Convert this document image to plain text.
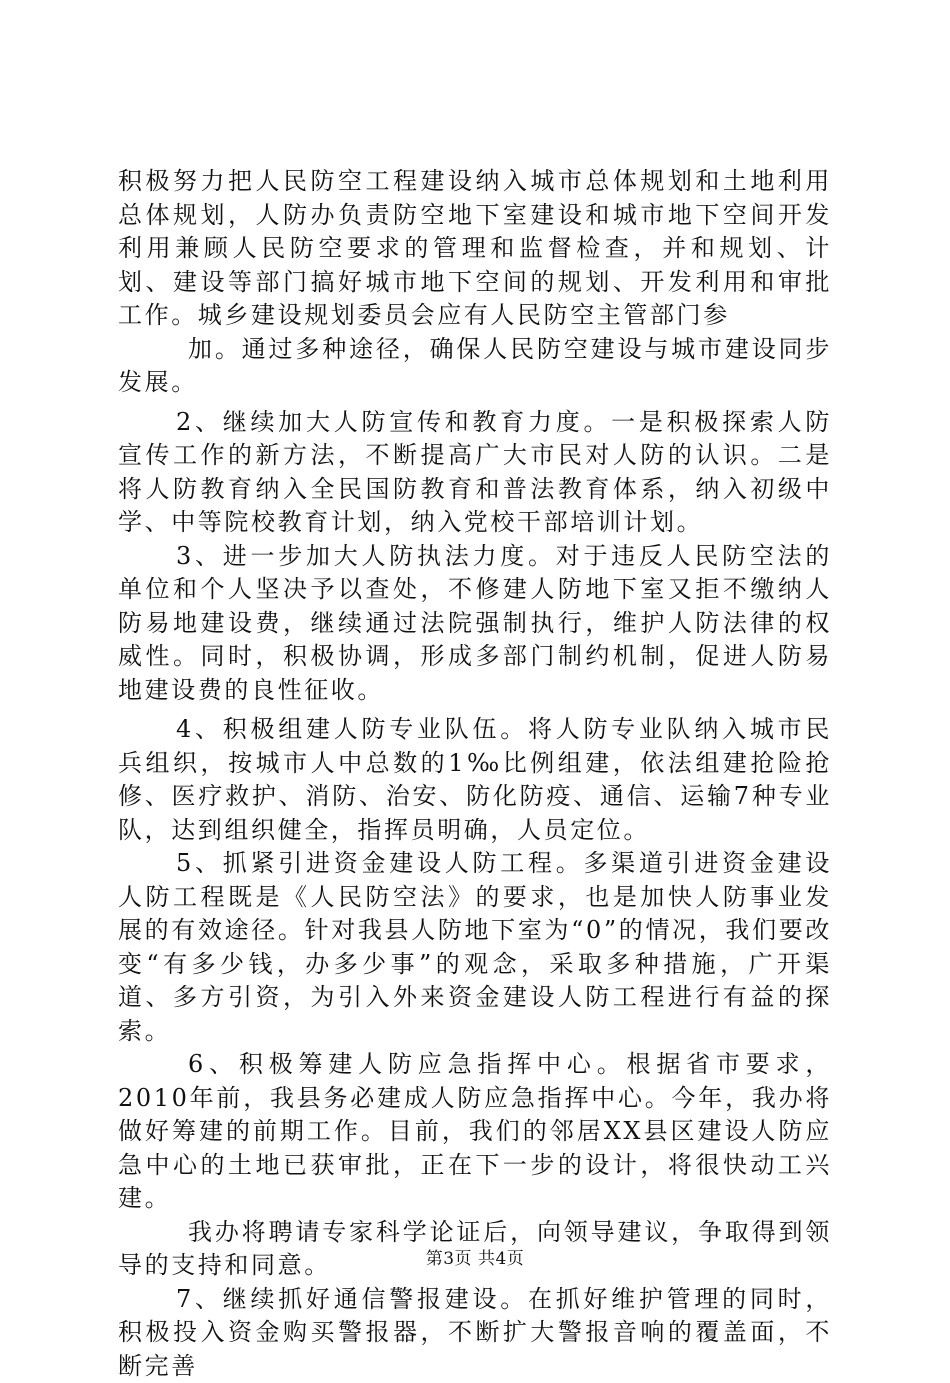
积极努力把人民防空工程建设纳入城市总体规划和土地利用总体规划，人防办负责防空地下室建设和城市地下空间开发利用兼顾人民防空要求的管理和监督检查，并和规划、计划、建设等部门搞好城市地下空间的规划、开发利用和审批工作。城乡建设规划委员会应有人民防空主管部门参

加。通过多种途径，确保人民防空建设与城市建设同步发展。

2、继续加大人防宣传和教育力度。一是积极探索人防宣传工作的新方法，不断提高广大市民对人防的认识。二是将人防教育纳入全民国防教育和普法教育体系，纳入初级中学、中等院校教育计划，纳入党校干部培训计划。

3、进一步加大人防执法力度。对于违反人民防空法的单位和个人坚决予以查处，不修建人防地下室又拒不缴纳人防易地建设费，继续通过法院强制执行，维护人防法律的权威性。同时，积极协调，形成多部门制约机制，促进人防易地建设费的良性征收。

4、积极组建人防专业队伍。将人防专业队纳入城市民兵组织，按城市人中总数的1‰比例组建，依法组建抢险抢修、医疗救护、消防、治安、防化防疫、通信、运输7种专业队，达到组织健全，指挥员明确，人员定位。

5、抓紧引进资金建设人防工程。多渠道引进资金建设人防工程既是《人民防空法》的要求，也是加快人防事业发展的有效途径。针对我县人防地下室为“0”的情况，我们要改变“有多少钱，办多少事”的观念，采取多种措施，广开渠道、多方引资，为引入外来资金建设人防工程进行有益的探索。

6、积极筹建人防应急指挥中心。根据省市要求，2010年前，我县务必建成人防应急指挥中心。今年，我办将做好筹建的前期工作。目前，我们的邻居XX县区建设人防应急中心的土地已获审批，正在下一步的设计，将很快动工兴建。

我办将聘请专家科学论证后，向领导建议，争取得到领导的支持和同意。

7、继续抓好通信警报建设。在抓好维护管理的同时，积极投入资金购买警报器，不断扩大警报音响的覆盖面，不断完善

第3页 共4页
